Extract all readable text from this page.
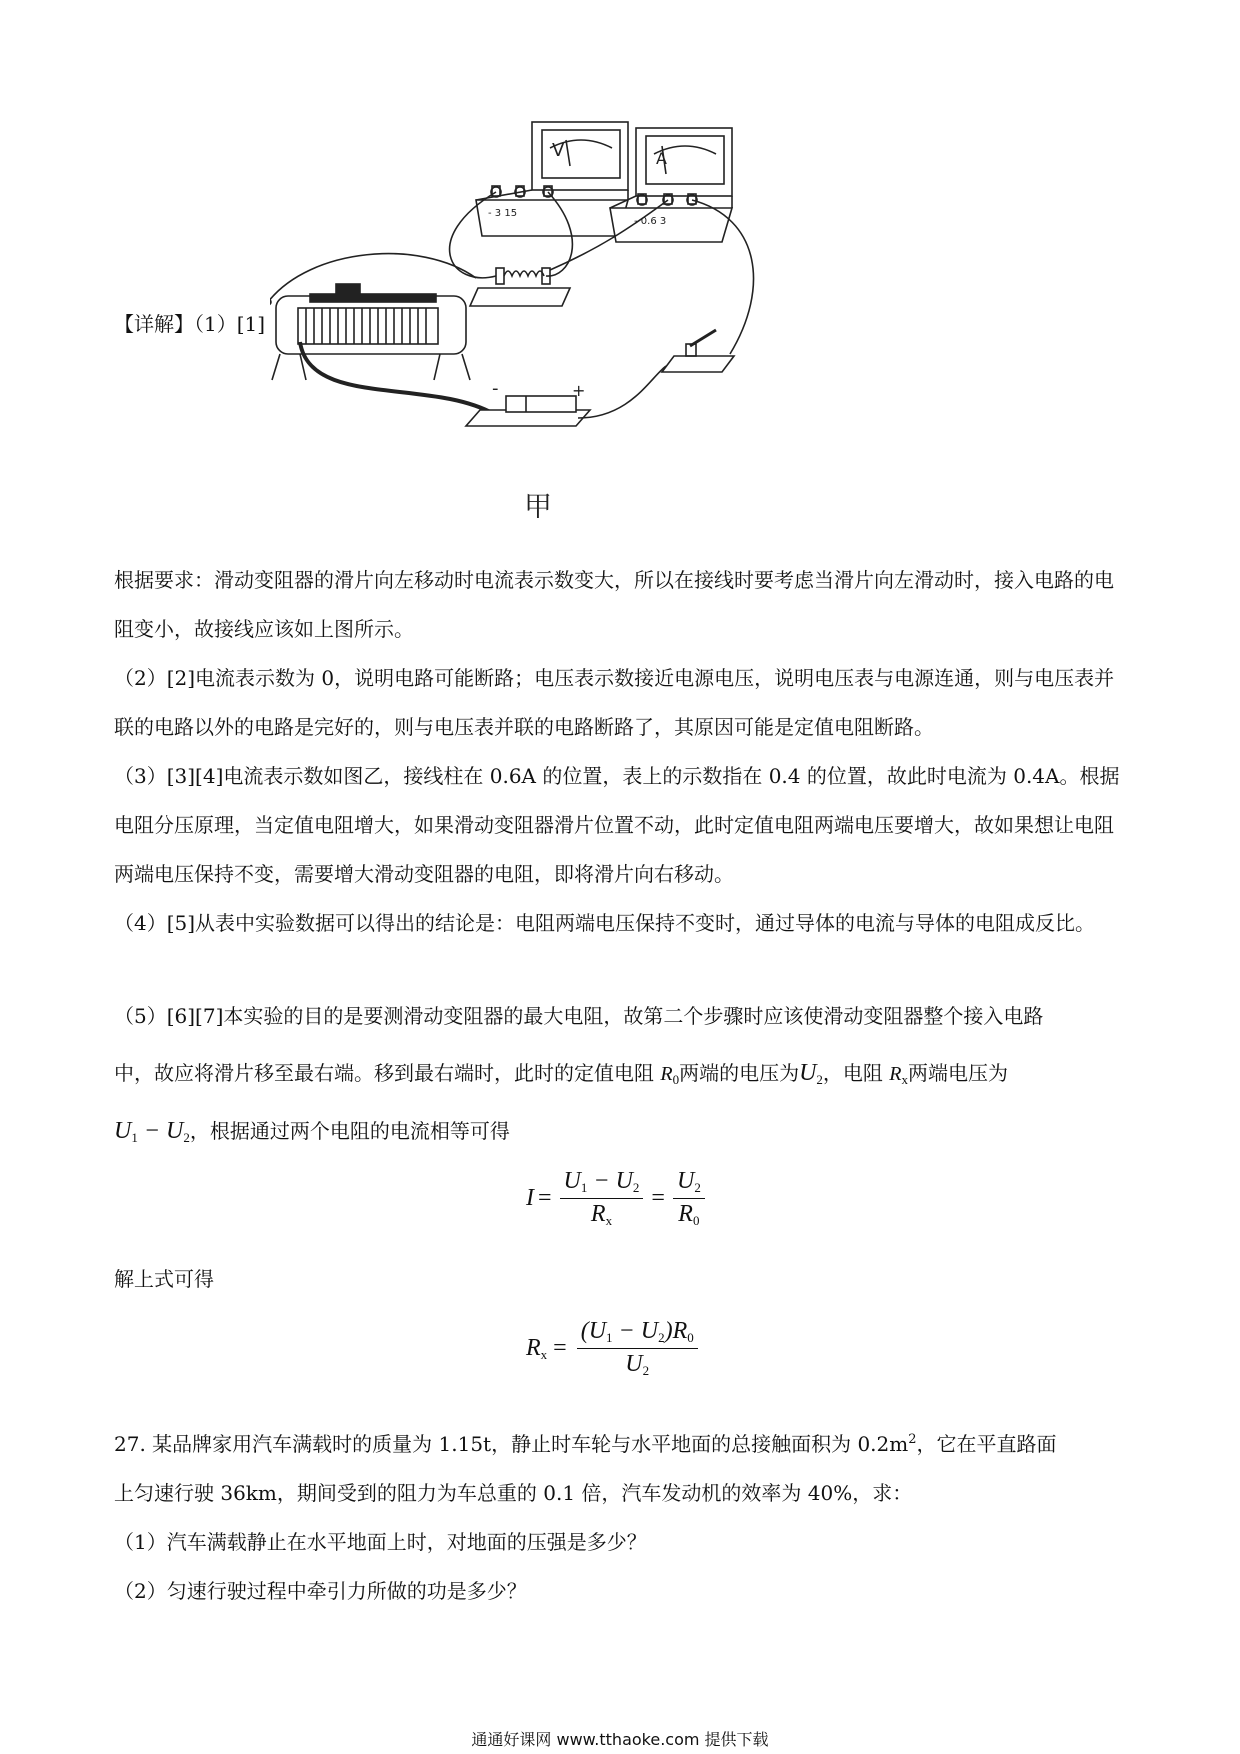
【详解】（1）[1]
-	+
V	A
- 3 15
- 0.6 3
甲
根据要求：滑动变阻器的滑片向左移动时电流表示数变大，所以在接线时要考虑当滑片向左滑动时，接入电路的电阻变小，故接线应该如上图所示。
（2）[2]电流表示数为 0，说明电路可能断路；电压表示数接近电源电压，说明电压表与电源连通，则与电压表并联的电路以外的电路是完好的，则与电压表并联的电路断路了，其原因可能是定值电阻断路。
（3）[3][4]电流表示数如图乙，接线柱在 0.6A 的位置，表上的示数指在 0.4 的位置，故此时电流为 0.4A。根据电阻分压原理，当定值电阻增大，如果滑动变阻器滑片位置不动，此时定值电阻两端电压要增大，故如果想让电阻两端电压保持不变，需要增大滑动变阻器的电阻，即将滑片向右移动。
（4）[5]从表中实验数据可以得出的结论是：电阻两端电压保持不变时，通过导体的电流与导体的电阻成反比。
（5）[6][7]本实验的目的是要测滑动变阻器的最大电阻，故第二个步骤时应该使滑动变阻器整个接入电路
中，故应将滑片移至最右端。移到最右端时，此时的定值电阻 $R_0$两端的电压为$U_2$，电阻 $R_x$两端电压为
$U_1 - U_2$，根据通过两个电阻的电流相等可得
$I = \frac{U_1 - U_2}{R_x} = \frac{U_2}{R_0}$
解上式可得
$R_x = \frac{(U_1 - U_2)R_0}{U_2}$
27. 某品牌家用汽车满载时的质量为 1.15t，静止时车轮与水平地面的总接触面积为 $0.2m^2$，它在平直路面
上匀速行驶 36km，期间受到的阻力为车总重的 0.1 倍，汽车发动机的效率为 40%，求：
（1）汽车满载静止在水平地面上时，对地面的压强是多少？
（2）匀速行驶过程中牵引力所做的功是多少？
通通好课网 www.tthaoke.com 提供下载
